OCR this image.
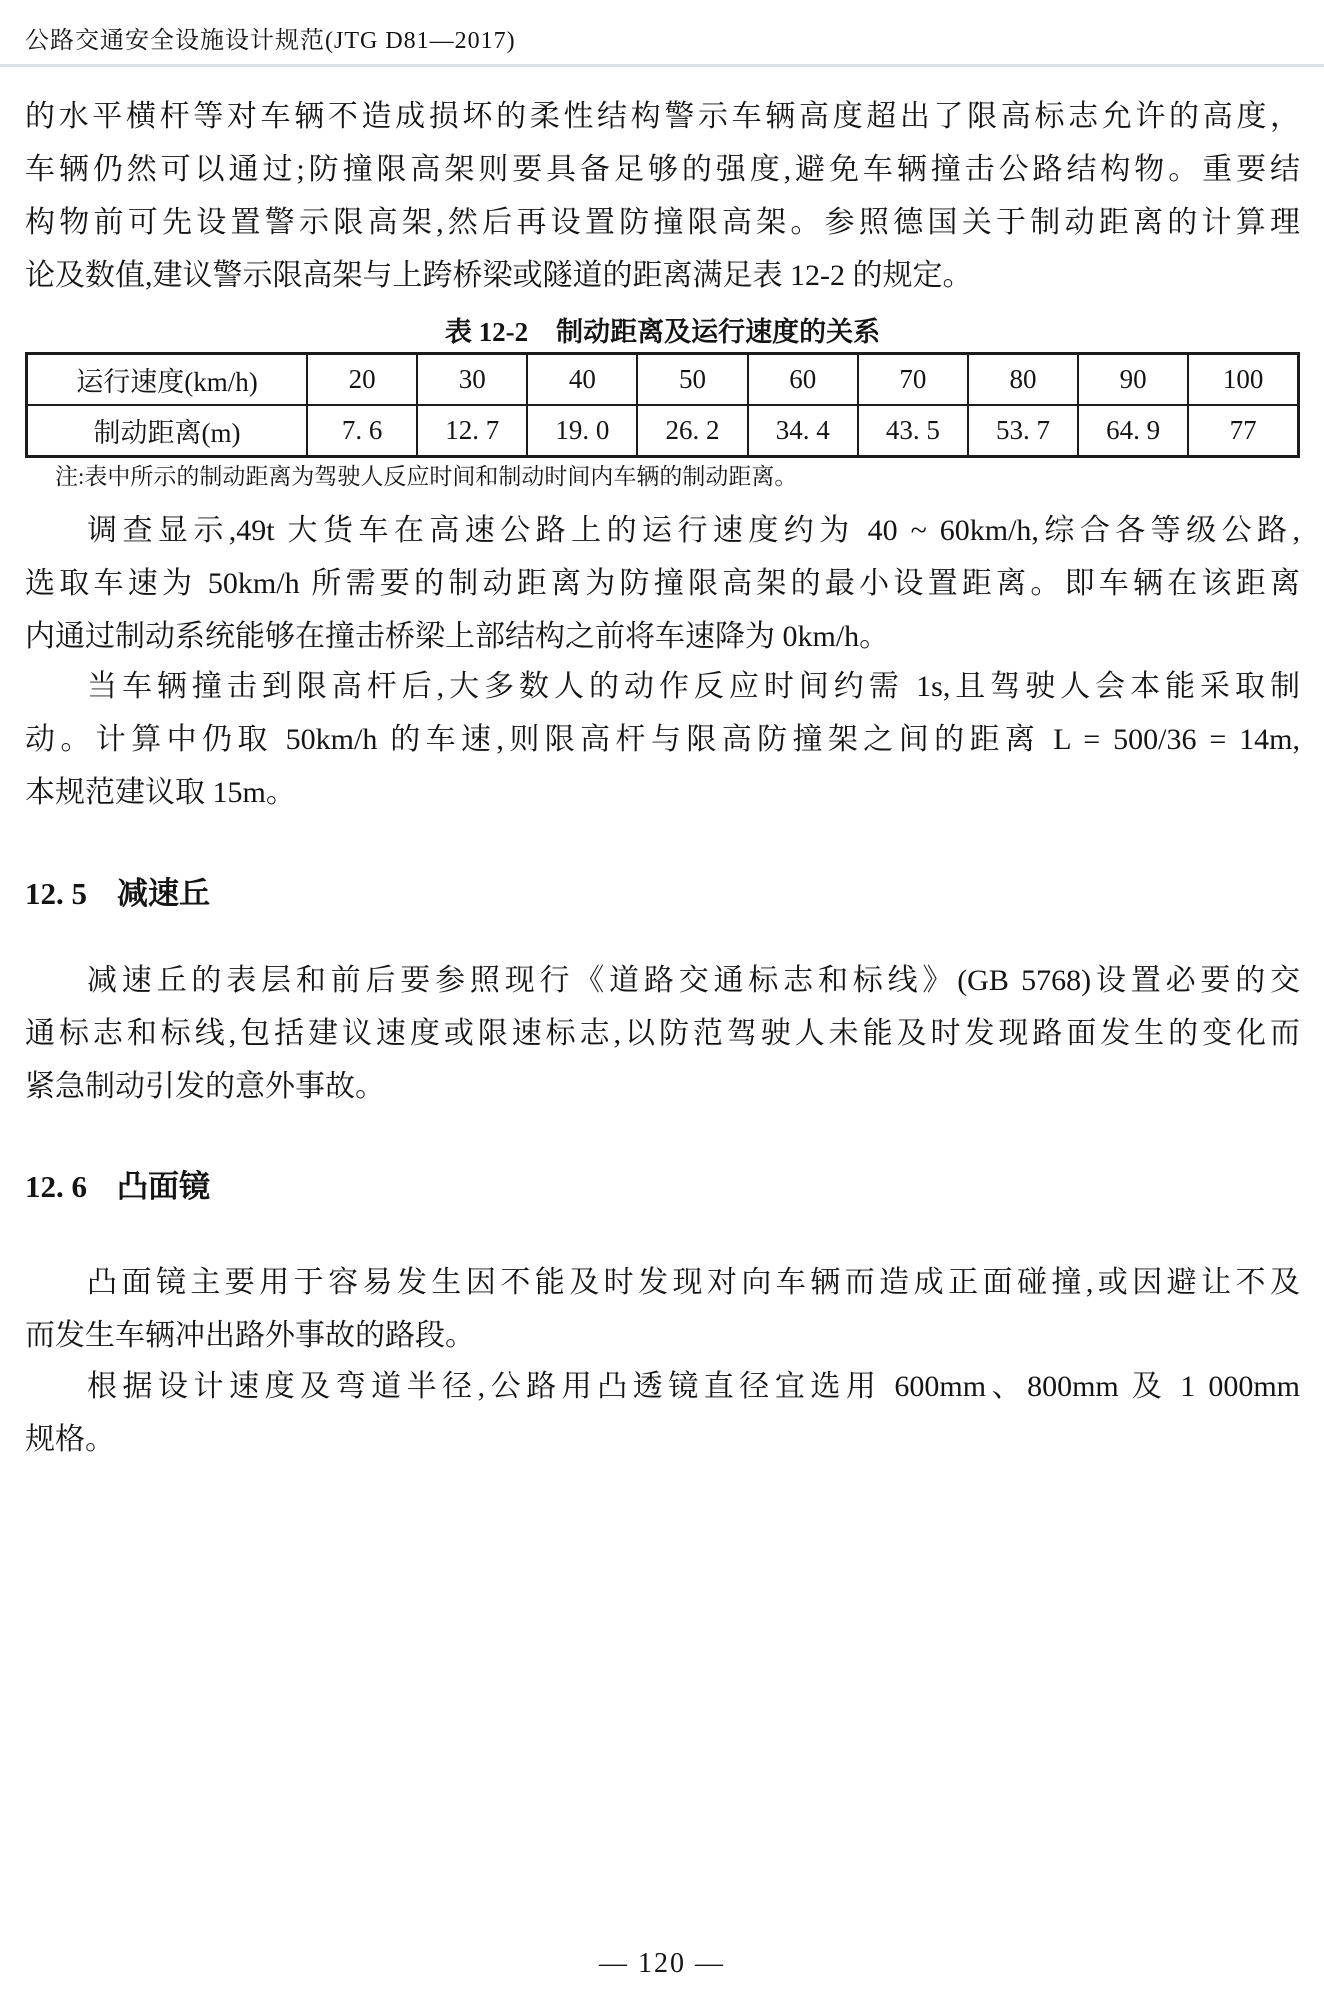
公路交通安全设施设计规范(JTG D81—2017)
的水平横杆等对车辆不造成损坏的柔性结构警示车辆高度超出了限高标志允许的高度，
车辆仍然可以通过;防撞限高架则要具备足够的强度,避免车辆撞击公路结构物。重要结
构物前可先设置警示限高架,然后再设置防撞限高架。参照德国关于制动距离的计算理
论及数值,建议警示限高架与上跨桥梁或隧道的距离满足表 12-2 的规定。
表 12-2 制动距离及运行速度的关系
运行速度(km/h)	20	30	40	50	60	70	80	90	100
制动距离(m)	7. 6	12. 7	19. 0	26. 2	34. 4	43. 5	53. 7	64. 9	77
注:表中所示的制动距离为驾驶人反应时间和制动时间内车辆的制动距离。
调查显示,49t 大货车在高速公路上的运行速度约为 40 ~ 60km/h,综合各等级公路,
选取车速为 50km/h 所需要的制动距离为防撞限高架的最小设置距离。即车辆在该距离
内通过制动系统能够在撞击桥梁上部结构之前将车速降为 0km/h。
当车辆撞击到限高杆后,大多数人的动作反应时间约需 1s,且驾驶人会本能采取制
动。计算中仍取 50km/h 的车速,则限高杆与限高防撞架之间的距离 L = 500/36 = 14m,
本规范建议取 15m。
12. 5 减速丘
减速丘的表层和前后要参照现行《道路交通标志和标线》(GB 5768)设置必要的交
通标志和标线,包括建议速度或限速标志,以防范驾驶人未能及时发现路面发生的变化而
紧急制动引发的意外事故。
12. 6 凸面镜
凸面镜主要用于容易发生因不能及时发现对向车辆而造成正面碰撞,或因避让不及
而发生车辆冲出路外事故的路段。
根据设计速度及弯道半径,公路用凸透镜直径宜选用 600mm、800mm 及 1 000mm
规格。
— 120 —
